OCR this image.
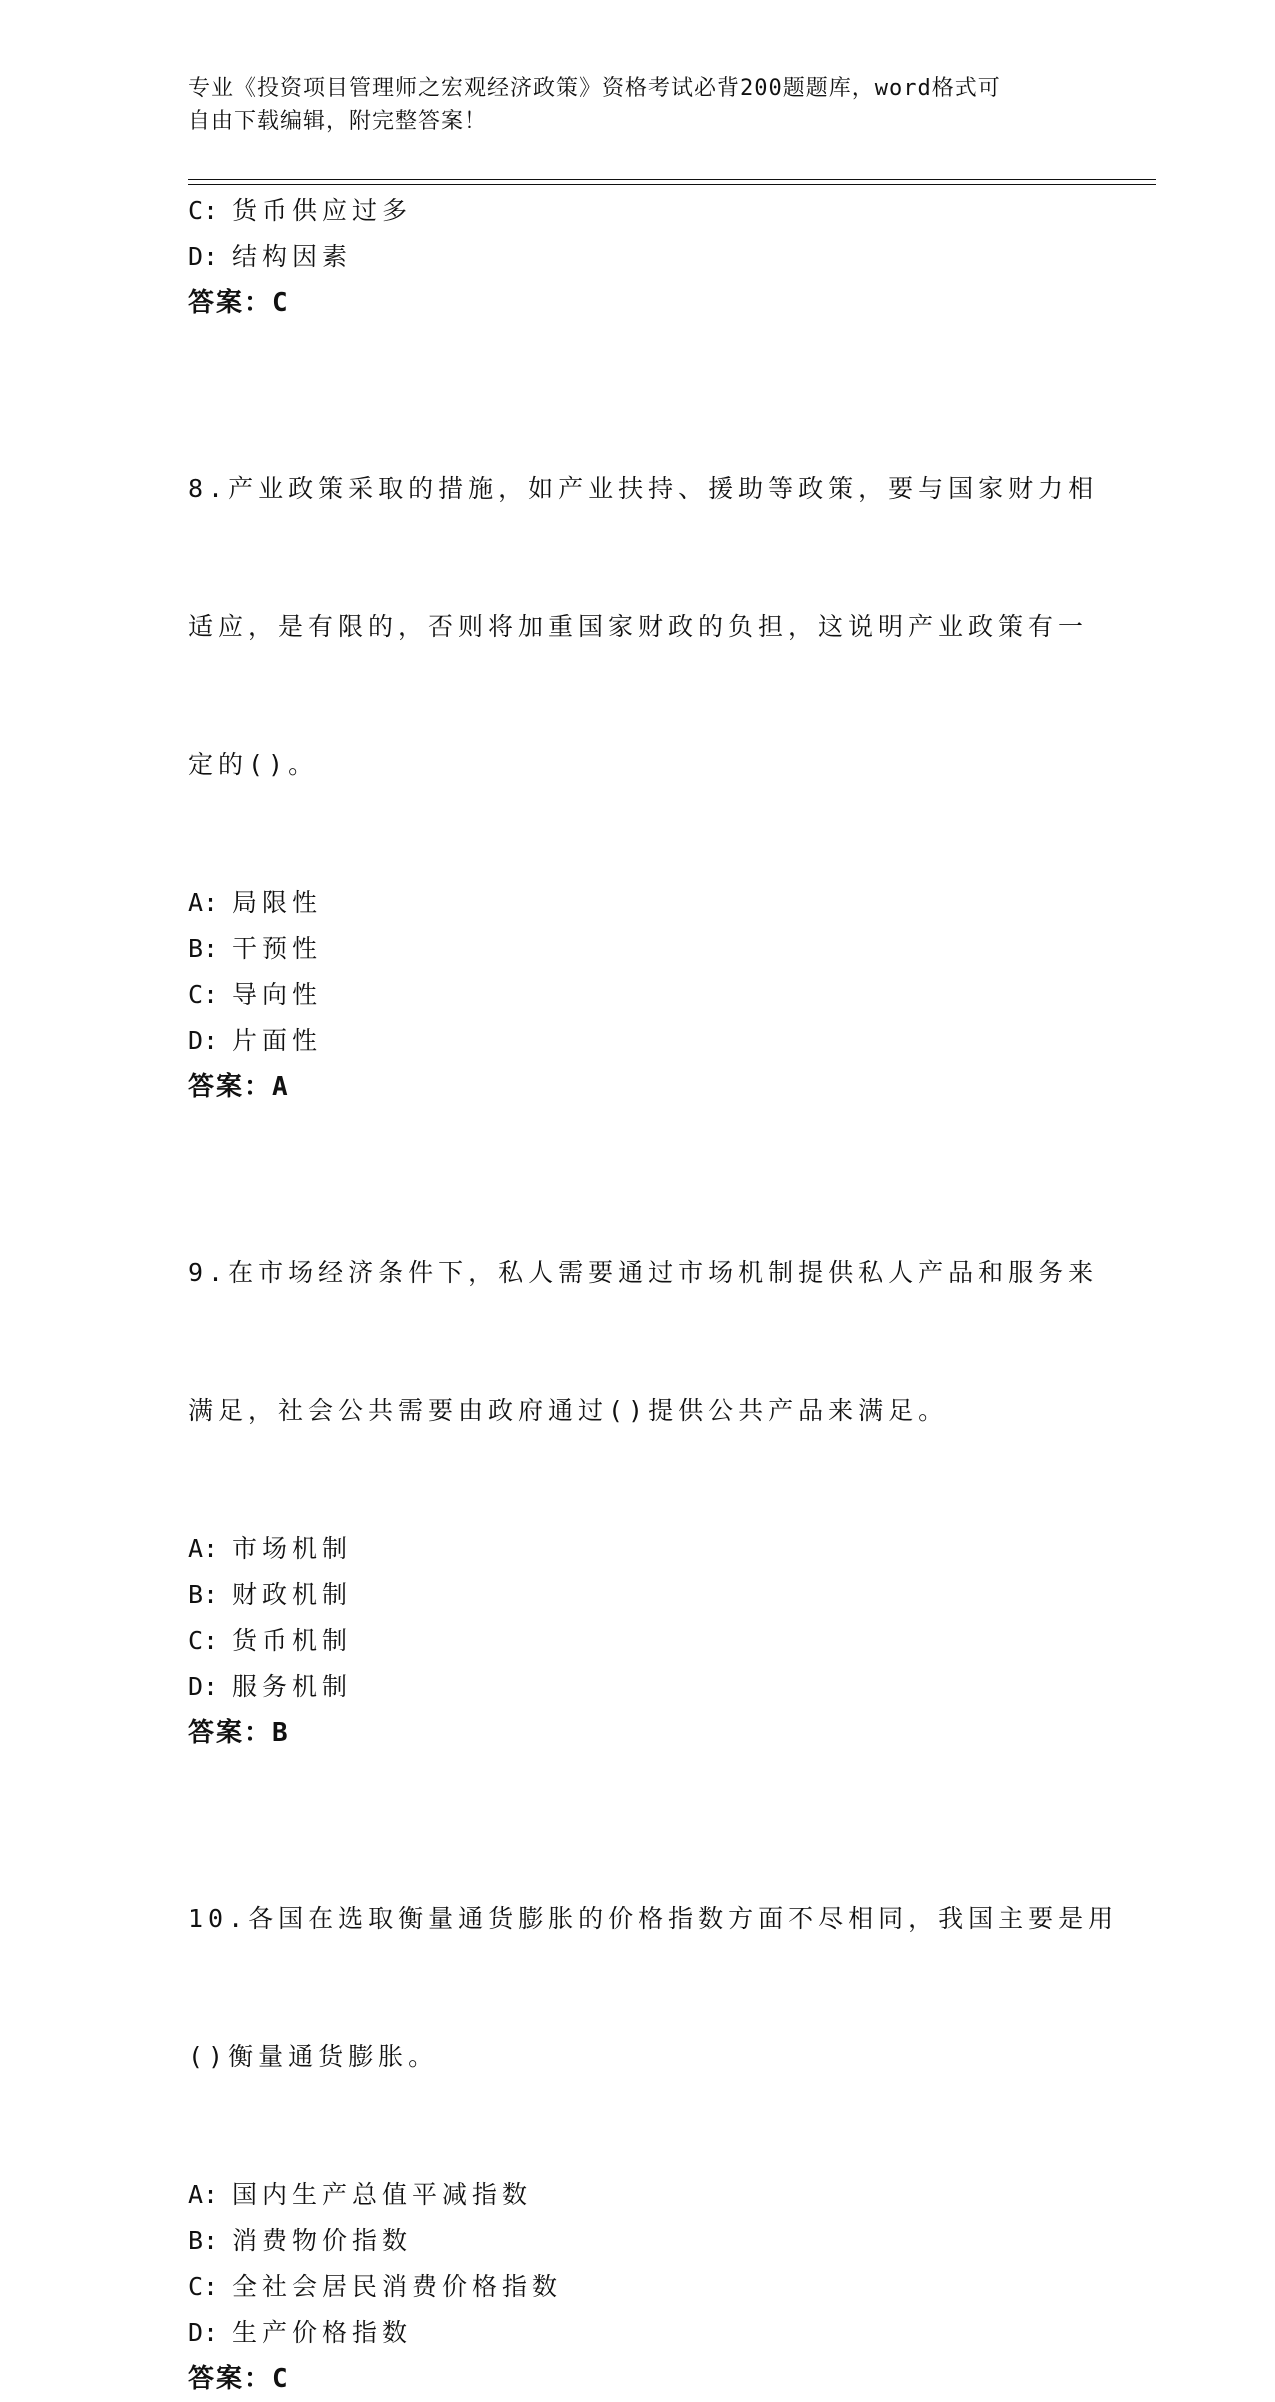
专业《投资项目管理师之宏观经济政策》资格考试必背200题题库，word格式可
自由下载编辑，附完整答案！
C: 货币供应过多
D: 结构因素
答案：C

8.产业政策采取的措施，如产业扶持、援助等政策，要与国家财力相

适应，是有限的，否则将加重国家财政的负担，这说明产业政策有一

定的()。

A: 局限性
B: 干预性
C: 导向性
D: 片面性
答案：A

9.在市场经济条件下，私人需要通过市场机制提供私人产品和服务来

满足，社会公共需要由政府通过()提供公共产品来满足。

A: 市场机制
B: 财政机制
C: 货币机制
D: 服务机制
答案：B

10.各国在选取衡量通货膨胀的价格指数方面不尽相同，我国主要是用

()衡量通货膨胀。

A: 国内生产总值平减指数
B: 消费物价指数
C: 全社会居民消费价格指数
D: 生产价格指数
答案：C
